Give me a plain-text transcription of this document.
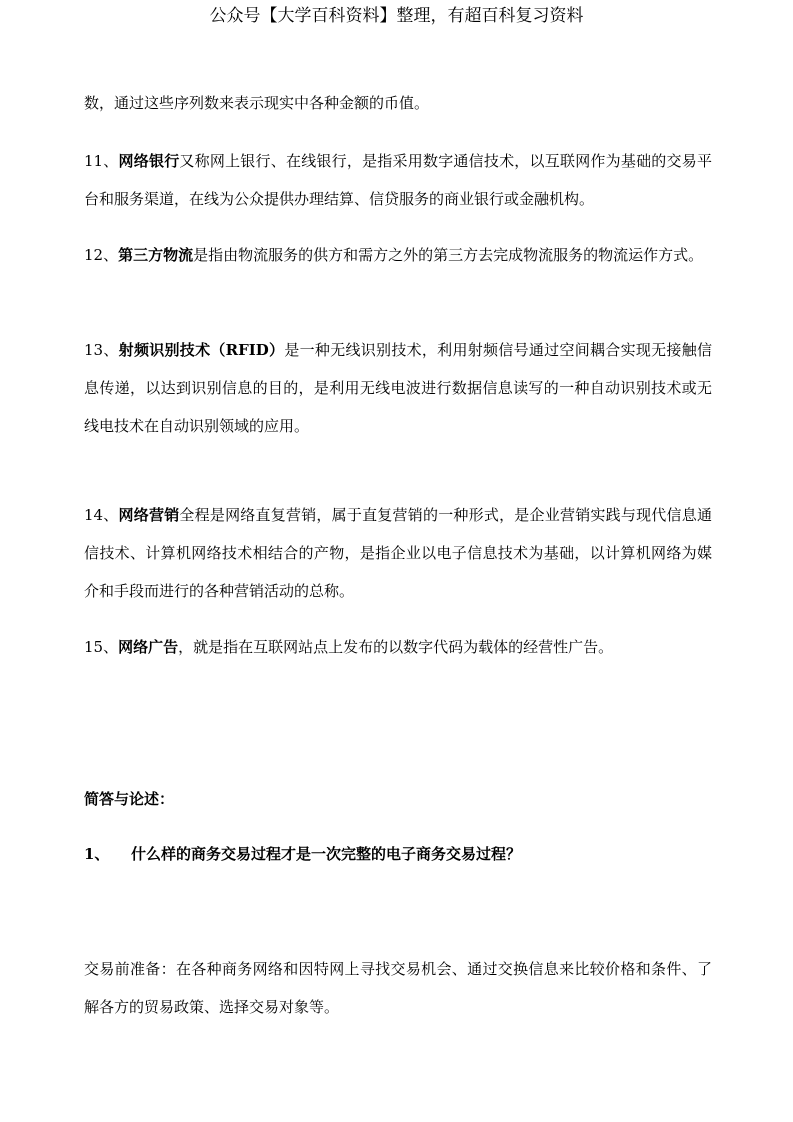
公众号【大学百科资料】整理，有超百科复习资料
数，通过这些序列数来表示现实中各种金额的币值。
11、网络银行又称网上银行、在线银行，是指采用数字通信技术，以互联网作为基础的交易平台和服务渠道，在线为公众提供办理结算、信贷服务的商业银行或金融机构。
12、第三方物流是指由物流服务的供方和需方之外的第三方去完成物流服务的物流运作方式。
13、射频识别技术（RFID）是一种无线识别技术，利用射频信号通过空间耦合实现无接触信息传递，以达到识别信息的目的，是利用无线电波进行数据信息读写的一种自动识别技术或无线电技术在自动识别领域的应用。
14、网络营销全程是网络直复营销，属于直复营销的一种形式，是企业营销实践与现代信息通信技术、计算机网络技术相结合的产物，是指企业以电子信息技术为基础，以计算机网络为媒介和手段而进行的各种营销活动的总称。
15、网络广告，就是指在互联网站点上发布的以数字代码为载体的经营性广告。
简答与论述：
1、 什么样的商务交易过程才是一次完整的电子商务交易过程？
交易前准备：在各种商务网络和因特网上寻找交易机会、通过交换信息来比较价格和条件、了解各方的贸易政策、选择交易对象等。
